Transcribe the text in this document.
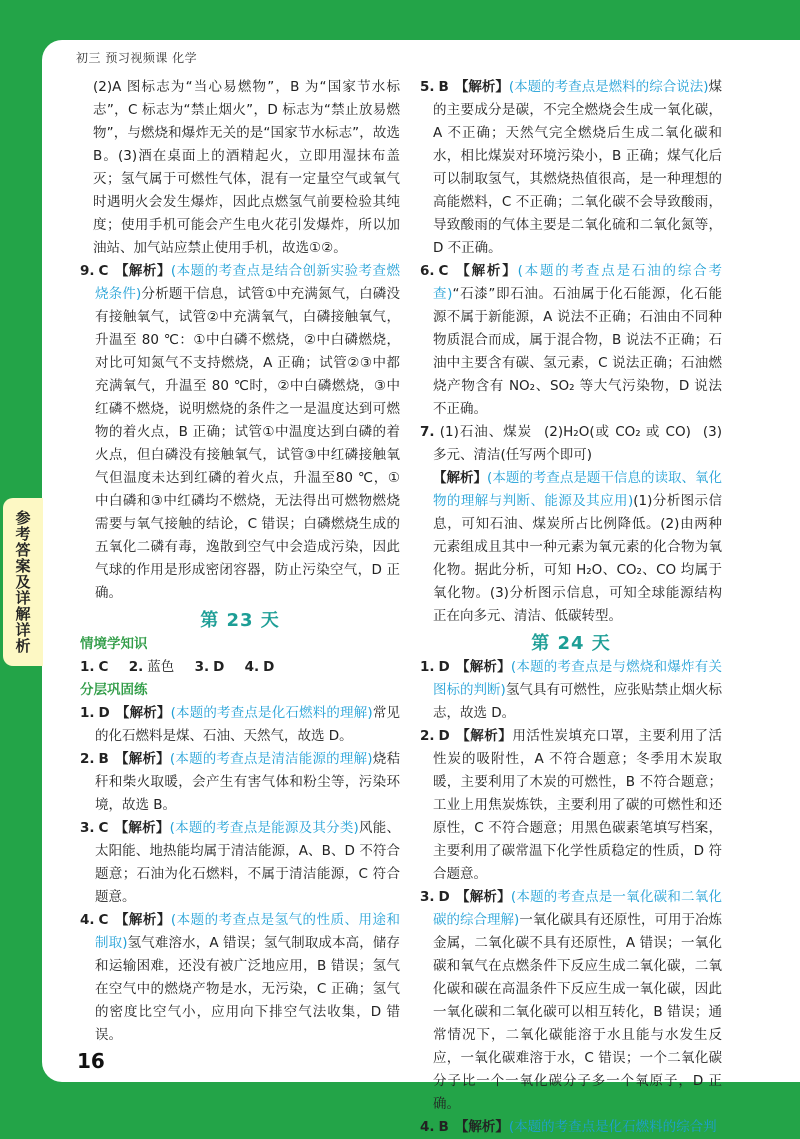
初三 预习视频课 化学
参考答案及详解详析
(2)A 图标志为“当心易燃物”，B 为“国家节水标志”，C 标志为“禁止烟火”，D 标志为“禁止放易燃物”，与燃烧和爆炸无关的是“国家节水标志”，故选 B。(3)酒在桌面上的酒精起火，立即用湿抹布盖灭；氢气属于可燃性气体，混有一定量空气或氧气时遇明火会发生爆炸，因此点燃氢气前要检验其纯度；使用手机可能会产生电火花引发爆炸，所以加油站、加气站应禁止使用手机，故选①②。
9. C 【解析】(本题的考查点是结合创新实验考查燃烧条件)分析题干信息，试管①中充满氮气，白磷没有接触氧气，试管②中充满氧气，白磷接触氧气，升温至 80 ℃：①中白磷不燃烧，②中白磷燃烧，对比可知氮气不支持燃烧，A 正确；试管②③中都充满氧气，升温至 80 ℃时，②中白磷燃烧，③中红磷不燃烧，说明燃烧的条件之一是温度达到可燃物的着火点，B 正确；试管①中温度达到白磷的着火点，但白磷没有接触氧气，试管③中红磷接触氧气但温度未达到红磷的着火点，升温至80 ℃，①中白磷和③中红磷均不燃烧，无法得出可燃物燃烧需要与氧气接触的结论，C 错误；白磷燃烧生成的五氧化二磷有毒，逸散到空气中会造成污染，因此气球的作用是形成密闭容器，防止污染空气，D 正确。
第 23 天
情境学知识
1. C 2. 蓝色 3. D 4. D
分层巩固练
1. D 【解析】(本题的考查点是化石燃料的理解)常见的化石燃料是煤、石油、天然气，故选 D。
2. B 【解析】(本题的考查点是清洁能源的理解)烧秸秆和柴火取暖，会产生有害气体和粉尘等，污染环境，故选 B。
3. C 【解析】(本题的考查点是能源及其分类)风能、太阳能、地热能均属于清洁能源，A、B、D 不符合题意；石油为化石燃料，不属于清洁能源，C 符合题意。
4. C 【解析】(本题的考查点是氢气的性质、用途和制取)氢气难溶水，A 错误；氢气制取成本高，储存和运输困难，还没有被广泛地应用，B 错误；氢气在空气中的燃烧产物是水，无污染，C 正确；氢气的密度比空气小，应用向下排空气法收集，D 错误。
5. B 【解析】(本题的考查点是燃料的综合说法)煤的主要成分是碳，不完全燃烧会生成一氧化碳，A 不正确；天然气完全燃烧后生成二氧化碳和水，相比煤炭对环境污染小，B 正确；煤气化后可以制取氢气，其燃烧热值很高，是一种理想的高能燃料，C 不正确；二氧化碳不会导致酸雨，导致酸雨的气体主要是二氧化硫和二氧化氮等，D 不正确。
6. C 【解析】(本题的考查点是石油的综合考查)“石漆”即石油。石油属于化石能源，化石能源不属于新能源，A 说法不正确；石油由不同种物质混合而成，属于混合物，B 说法不正确；石油中主要含有碳、氢元素，C 说法正确；石油燃烧产物含有 NO₂、SO₂ 等大气污染物，D 说法不正确。
7. (1)石油、煤炭 (2)H₂O(或 CO₂ 或 CO) (3)多元、清洁(任写两个即可)
【解析】(本题的考查点是题干信息的读取、氧化物的理解与判断、能源及其应用)(1)分析图示信息，可知石油、煤炭所占比例降低。(2)由两种元素组成且其中一种元素为氧元素的化合物为氧化物。据此分析，可知 H₂O、CO₂、CO 均属于氧化物。(3)分析图示信息，可知全球能源结构正在向多元、清洁、低碳转型。
第 24 天
1. D 【解析】(本题的考查点是与燃烧和爆炸有关图标的判断)氢气具有可燃性，应张贴禁止烟火标志，故选 D。
2. D 【解析】用活性炭填充口罩，主要利用了活性炭的吸附性，A 不符合题意；冬季用木炭取暖，主要利用了木炭的可燃性，B 不符合题意；工业上用焦炭炼铁，主要利用了碳的可燃性和还原性，C 不符合题意；用黑色碳素笔填写档案，主要利用了碳常温下化学性质稳定的性质，D 符合题意。
3. D 【解析】(本题的考查点是一氧化碳和二氧化碳的综合理解)一氧化碳具有还原性，可用于冶炼金属，二氧化碳不具有还原性，A 错误；一氧化碳和氧气在点燃条件下反应生成二氧化碳，二氧化碳和碳在高温条件下反应生成一氧化碳，因此一氧化碳和二氧化碳可以相互转化，B 错误；通常情况下，二氧化碳能溶于水且能与水发生反应，一氧化碳难溶于水，C 错误；一个二氧化碳分子比一个一氧化碳分子多一个氧原子，D 正确。
4. B 【解析】(本题的考查点是化石燃料的综合判
16
